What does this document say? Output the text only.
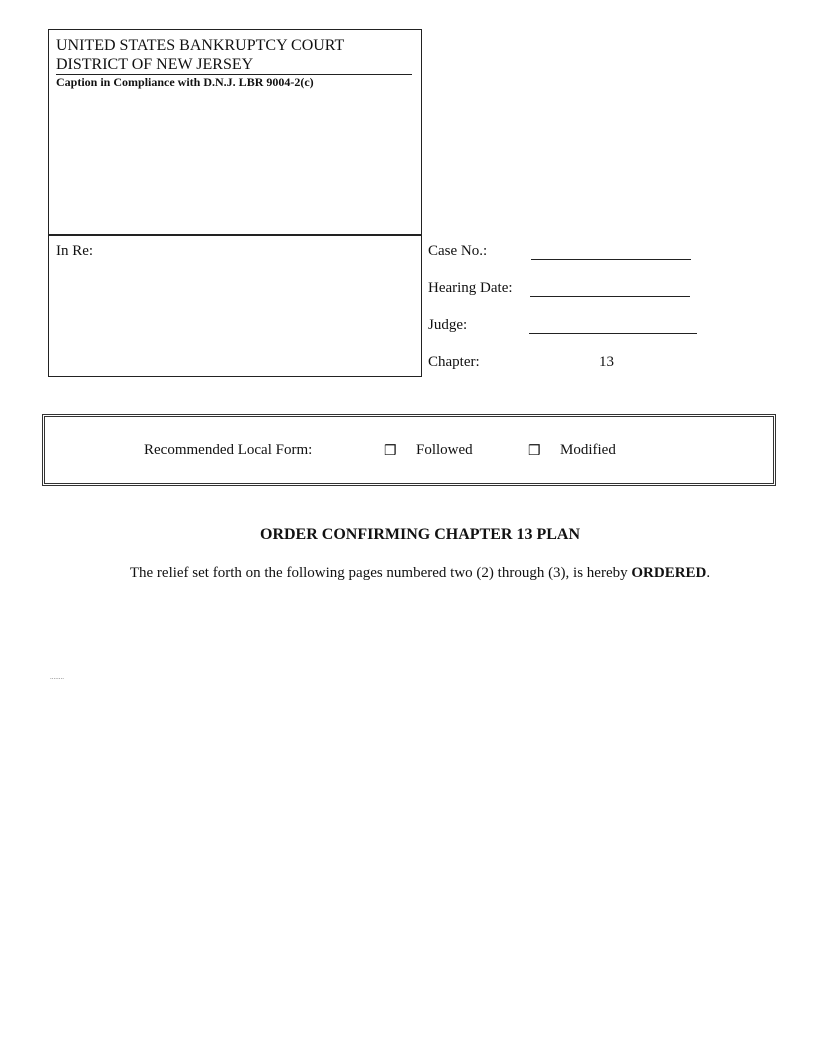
UNITED STATES BANKRUPTCY COURT
DISTRICT OF NEW JERSEY
Caption in Compliance with D.N.J. LBR 9004-2(c)
In Re:	Case No.:
Hearing Date:
Judge:
Chapter:	13
Recommended Local Form:	❒ Followed	❒ Modified
ORDER CONFIRMING CHAPTER 13 PLAN
The relief set forth on the following pages numbered two (2) through (3), is hereby ORDERED.
........
